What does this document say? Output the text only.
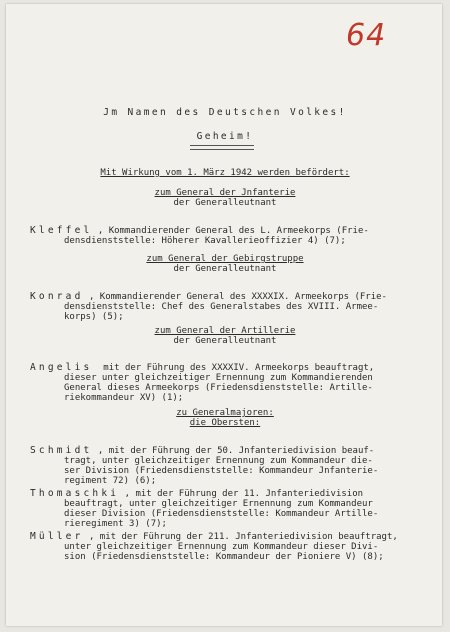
64
Jm Namen des Deutschen Volkes!
Geheim!
Mit Wirkung vom 1. März 1942 werden befördert:
zum General der Jnfanterie
der Generalleutnant

Kleffel , Kommandierender General des L. Armeekorps (Frie-
densdienststelle: Höherer Kavallerieoffizier 4) (7);
zum General der Gebirgstruppe
der Generalleutnant

Konrad , Kommandierender General des XXXXIX. Armeekorps (Frie-
densdienststelle: Chef des Generalstabes des XVIII. Armee-
korps) (5);
zum General der Artillerie
der Generalleutnant

Angelis mit der Führung des XXXXIV. Armeekorps beauftragt,
dieser unter gleichzeitiger Ernennung zum Kommandierenden
General dieses Armeekorps (Friedensdienststelle: Artille-
riekommandeur XV) (1);
zu Generalmajoren:
die Obersten:

Schmidt , mit der Führung der 50. Jnfanteriedivision beauf-
tragt, unter gleichzeitiger Ernennung zum Kommandeur die-
ser Division (Friedensdienststelle: Kommandeur Jnfanterie-
regiment 72) (6);

Thomaschki , mit der Führung der 11. Jnfanteriedivision
beauftragt, unter gleichzeitiger Ernennung zum Kommandeur
dieser Division (Friedensdienststelle: Kommandeur Artille-
rieregiment 3) (7);

Müller , mit der Führung der 211. Jnfanteriedivision beauftragt,
unter gleichzeitiger Ernennung zum Kommandeur dieser Divi-
sion (Friedensdienststelle: Kommandeur der Pioniere V) (8);
